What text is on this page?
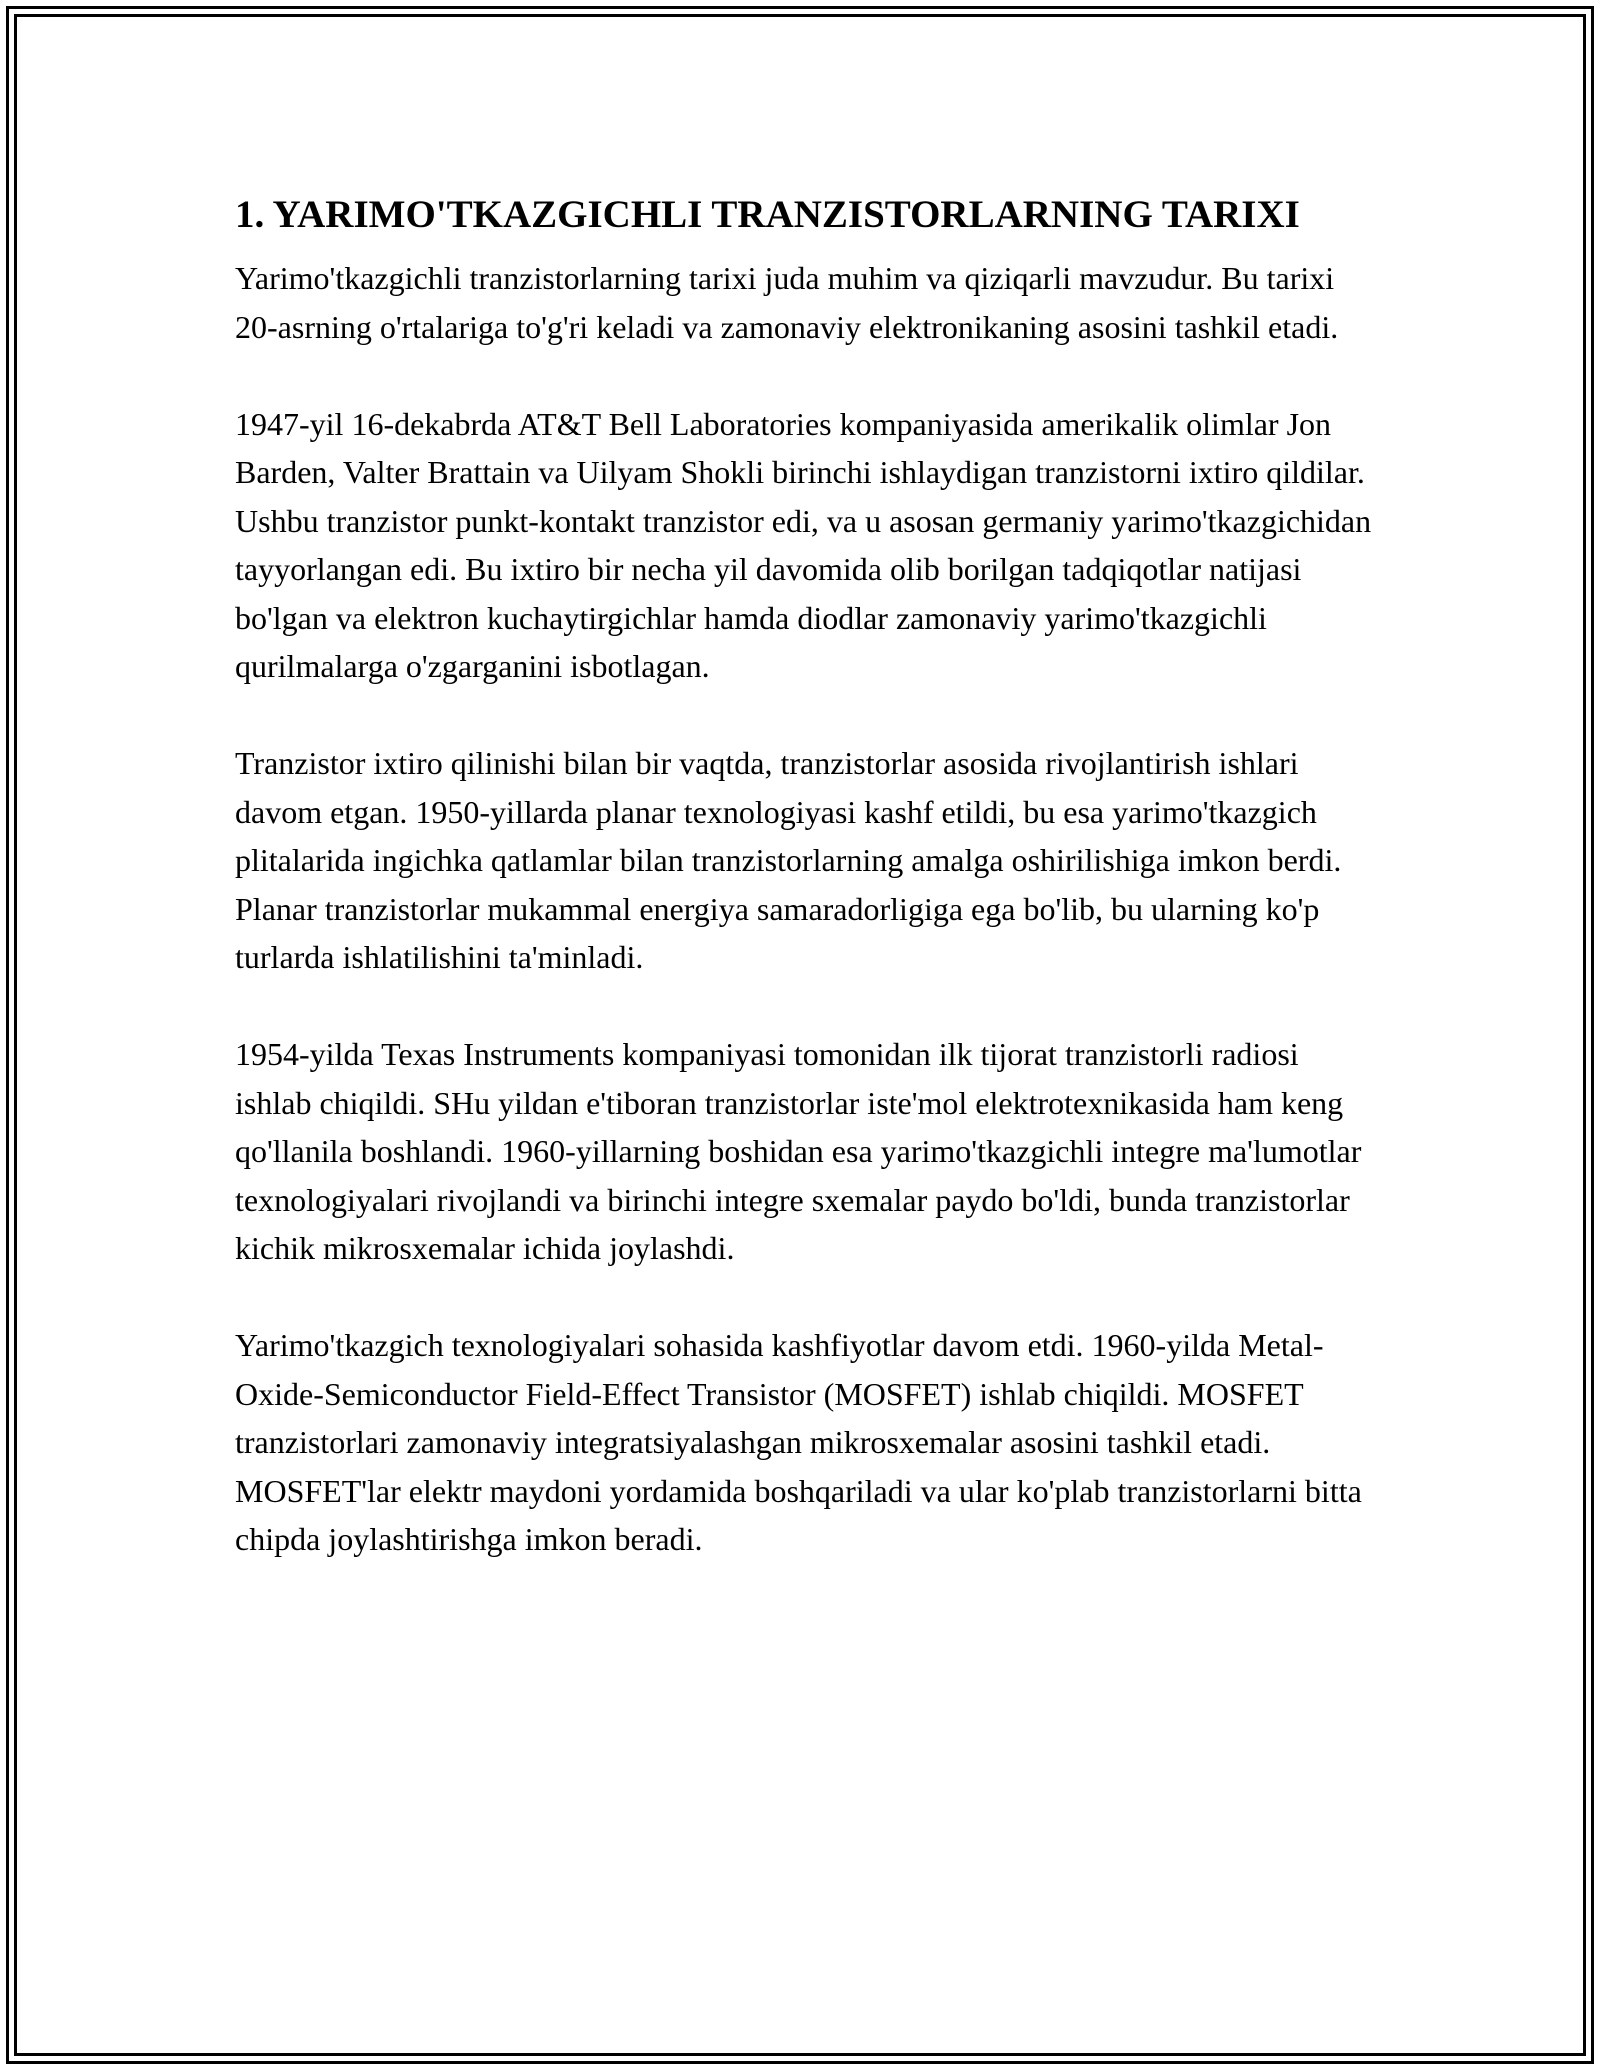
1. YARIMO'TKAZGICHLI TRANZISTORLARNING TARIXI

Yarimo'tkazgichli tranzistorlarning tarixi juda muhim va qiziqarli mavzudur. Bu tarixi 20-asrning o'rtalariga to'g'ri keladi va zamonaviy elektronikaning asosini tashkil etadi.

1947-yil 16-dekabrda AT&T Bell Laboratories kompaniyasida amerikalik olimlar Jon Barden, Valter Brattain va Uilyam Shokli birinchi ishlaydigan tranzistorni ixtiro qildilar. Ushbu tranzistor punkt-kontakt tranzistor edi, va u asosan germaniy yarimo'tkazgichidan tayyorlangan edi. Bu ixtiro bir necha yil davomida olib borilgan tadqiqotlar natijasi bo'lgan va elektron kuchaytirgichlar hamda diodlar zamonaviy yarimo'tkazgichli qurilmalarga o'zgarganini isbotlagan.

Tranzistor ixtiro qilinishi bilan bir vaqtda, tranzistorlar asosida rivojlantirish ishlari davom etgan. 1950-yillarda planar texnologiyasi kashf etildi, bu esa yarimo'tkazgich plitalarida ingichka qatlamlar bilan tranzistorlarning amalga oshirilishiga imkon berdi. Planar tranzistorlar mukammal energiya samaradorligiga ega bo'lib, bu ularning ko'p turlarda ishlatilishini ta'minladi.

1954-yilda Texas Instruments kompaniyasi tomonidan ilk tijorat tranzistorli radiosi ishlab chiqildi. SHu yildan e'tiboran tranzistorlar iste'mol elektrotexnikasida ham keng qo'llanila boshlandi. 1960-yillarning boshidan esa yarimo'tkazgichli integre ma'lumotlar texnologiyalari rivojlandi va birinchi integre sxemalar paydo bo'ldi, bunda tranzistorlar kichik mikrosxemalar ichida joylashdi.

Yarimo'tkazgich texnologiyalari sohasida kashfiyotlar davom etdi. 1960-yilda Metal-Oxide-Semiconductor Field-Effect Transistor (MOSFET) ishlab chiqildi. MOSFET tranzistorlari zamonaviy integratsiyalashgan mikrosxemalar asosini tashkil etadi. MOSFET'lar elektr maydoni yordamida boshqariladi va ular ko'plab tranzistorlarni bitta chipda joylashtirishga imkon beradi.
